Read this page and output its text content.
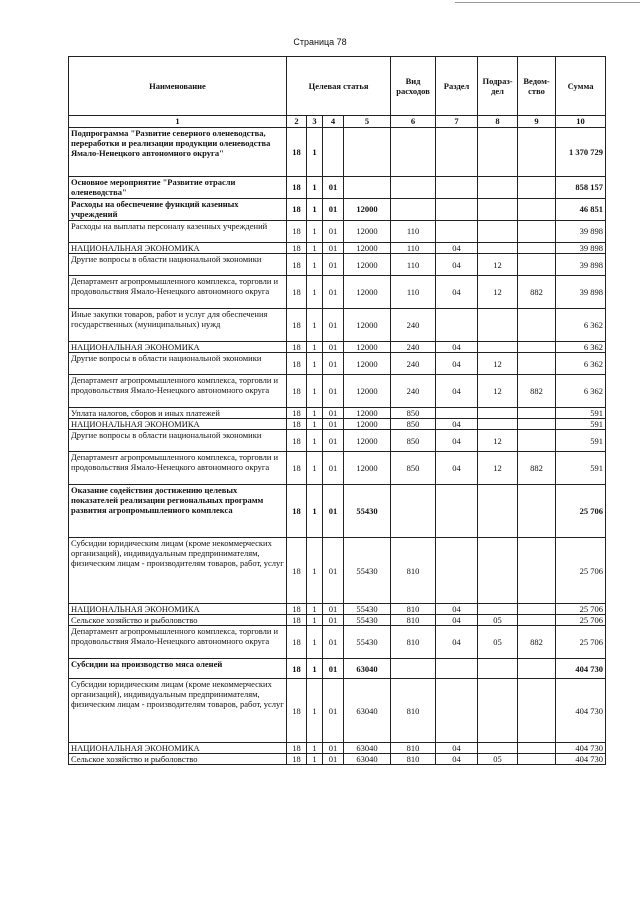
Страница 78
Наименование	Целевая статья				Вид расходов	Раздел	Подраз-дел	Ведом-ство	Сумма
1	2	3	4	5	6	7	8	9	10
Подпрограмма "Развитие северного оленеводства, переработки и реализации продукции оленеводства Ямало-Ненецкого автономного округа"	18	1							1 370 729
Основное мероприятие "Развитие отрасли оленеводства"	18	1	01						858 157
Расходы на обеспечение функций казенных учреждений	18	1	01	12000					46 851
Расходы на выплаты персоналу казенных учреждений	18	1	01	12000	110				39 898
НАЦИОНАЛЬНАЯ ЭКОНОМИКА	18	1	01	12000	110	04			39 898
Другие вопросы в области национальной экономики	18	1	01	12000	110	04	12		39 898
Департамент агропромышленного комплекса, торговли и продовольствия Ямало-Ненецкого автономного округа	18	1	01	12000	110	04	12	882	39 898
Иные закупки товаров, работ и услуг для обеспечения государственных (муниципальных) нужд	18	1	01	12000	240				6 362
НАЦИОНАЛЬНАЯ ЭКОНОМИКА	18	1	01	12000	240	04			6 362
Другие вопросы в области национальной экономики	18	1	01	12000	240	04	12		6 362
Департамент агропромышленного комплекса, торговли и продовольствия Ямало-Ненецкого автономного округа	18	1	01	12000	240	04	12	882	6 362
Уплата налогов, сборов и иных платежей	18	1	01	12000	850				591
НАЦИОНАЛЬНАЯ ЭКОНОМИКА	18	1	01	12000	850	04			591
Другие вопросы в области национальной экономики	18	1	01	12000	850	04	12		591
Департамент агропромышленного комплекса, торговли и продовольствия Ямало-Ненецкого автономного округа	18	1	01	12000	850	04	12	882	591
Оказание содействия достижению целевых показателей реализации региональных программ развития агропромышленного комплекса	18	1	01	55430					25 706
Субсидии юридическим лицам (кроме некоммерческих организаций), индивидуальным предпринимателям, физическим лицам - производителям товаров, работ, услуг	18	1	01	55430	810				25 706
НАЦИОНАЛЬНАЯ ЭКОНОМИКА	18	1	01	55430	810	04			25 706
Сельское хозяйство и рыболовство	18	1	01	55430	810	04	05		25 706
Департамент агропромышленного комплекса, торговли и продовольствия Ямало-Ненецкого автономного округа	18	1	01	55430	810	04	05	882	25 706
Субсидии на производство мяса оленей	18	1	01	63040					404 730
Субсидии юридическим лицам (кроме некоммерческих организаций), индивидуальным предпринимателям, физическим лицам - производителям товаров, работ, услуг	18	1	01	63040	810				404 730
НАЦИОНАЛЬНАЯ ЭКОНОМИКА	18	1	01	63040	810	04			404 730
Сельское хозяйство и рыболовство	18	1	01	63040	810	04	05		404 730
